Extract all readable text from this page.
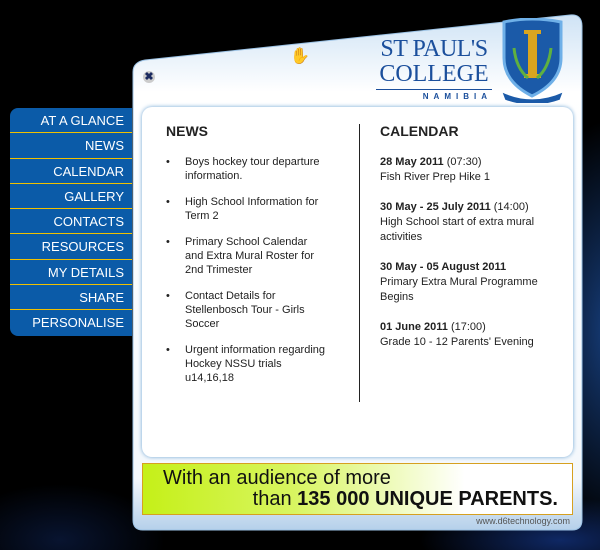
✖
✋	ST PAUL'S
COLLEGE
NAMIBIA
AT A GLANCE
NEWS
CALENDAR
GALLERY
CONTACTS
RESOURCES
MY DETAILS
SHARE
PERSONALISE
NEWS
• Boys hockey tour departure information.
• High School Information for Term 2
• Primary School Calendar and Extra Mural Roster for 2nd Trimester
• Contact Details for Stellenbosch Tour - Girls Soccer
• Urgent information regarding Hockey NSSU trials u14,16,18
CALENDAR
28 May 2011 (07:30)
Fish River Prep Hike 1
30 May - 25 July 2011 (14:00)
High School start of extra mural activities
30 May - 05 August 2011
Primary Extra Mural Programme Begins
01 June 2011 (17:00)
Grade 10 - 12 Parents' Evening
With an audience of more
than 135 000 UNIQUE PARENTS.
www.d6technology.com
